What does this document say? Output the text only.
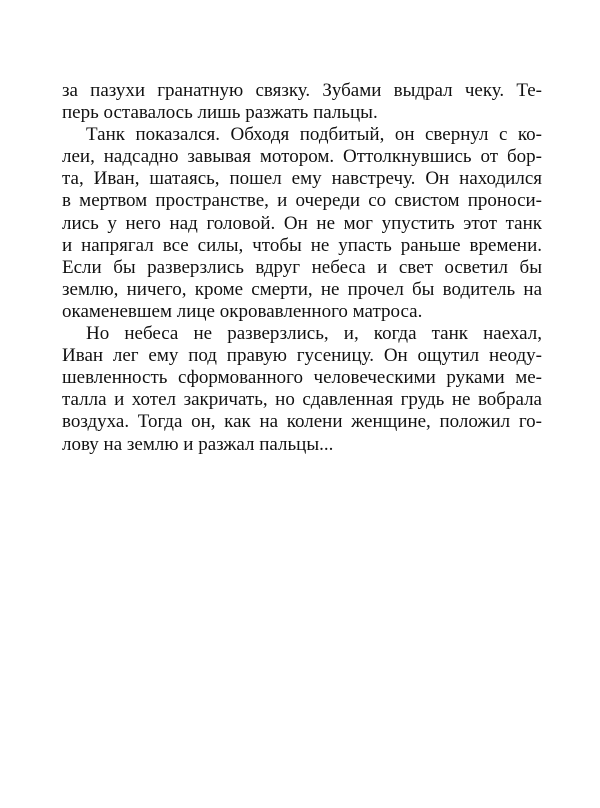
за пазухи гранатную связку. Зубами выдрал чеку. Те-
перь оставалось лишь разжать пальцы.
Танк показался. Обходя подбитый, он свернул с ко-
леи, надсадно завывая мотором. Оттолкнувшись от бор-
та, Иван, шатаясь, пошел ему навстречу. Он находился
в мертвом пространстве, и очереди со свистом проноси-
лись у него над головой. Он не мог упустить этот танк
и напрягал все силы, чтобы не упасть раньше времени.
Если бы разверзлись вдруг небеса и свет осветил бы
землю, ничего, кроме смерти, не прочел бы водитель на
окаменевшем лице окровавленного матроса.
Но небеса не разверзлись, и, когда танк наехал,
Иван лег ему под правую гусеницу. Он ощутил неоду-
шевленность сформованного человеческими руками ме-
талла и хотел закричать, но сдавленная грудь не вобрала
воздуха. Тогда он, как на колени женщине, положил го-
лову на землю и разжал пальцы...
